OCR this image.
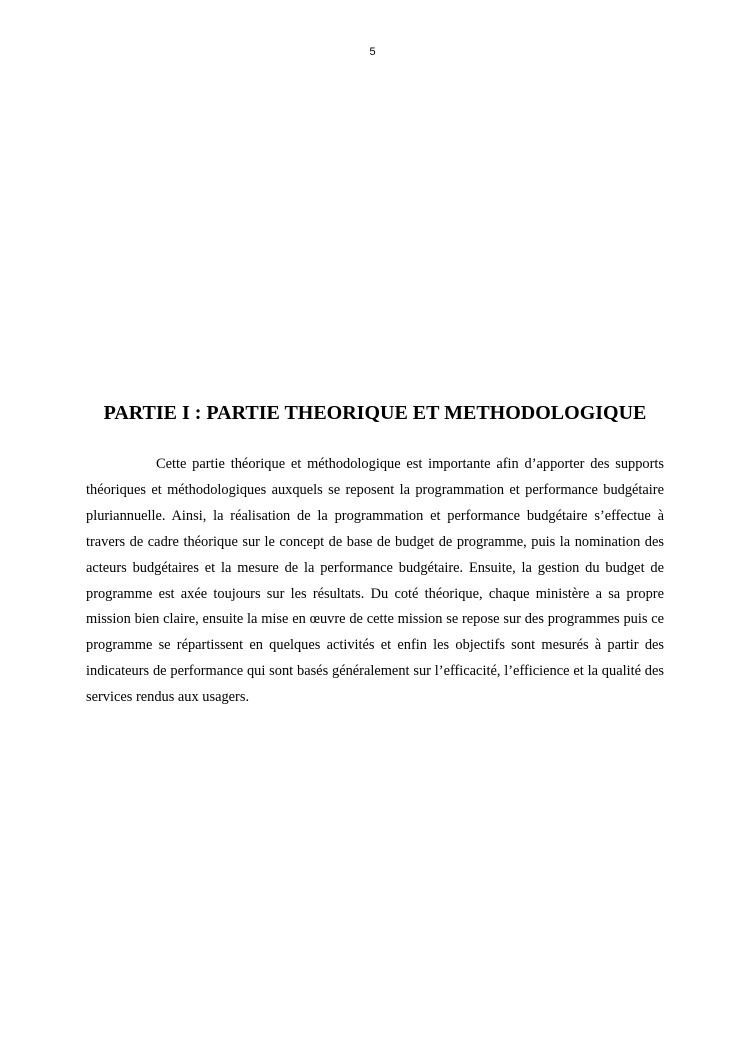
5
PARTIE I : PARTIE THEORIQUE ET METHODOLOGIQUE

Cette partie théorique et méthodologique est importante afin d’apporter des supports théoriques et méthodologiques auxquels se reposent la programmation et performance budgétaire pluriannuelle. Ainsi, la réalisation de la programmation et performance budgétaire s’effectue à travers de cadre théorique sur le concept de base de budget de programme, puis la nomination des acteurs budgétaires et la mesure de la performance budgétaire. Ensuite, la gestion du budget de programme est axée toujours sur les résultats. Du coté théorique, chaque ministère a sa propre mission bien claire, ensuite la mise en œuvre de cette mission se repose sur des programmes puis ce programme se répartissent en quelques activités et enfin les objectifs sont mesurés à partir des indicateurs de performance qui sont basés généralement sur l’efficacité, l’efficience et la qualité des services rendus aux usagers.
